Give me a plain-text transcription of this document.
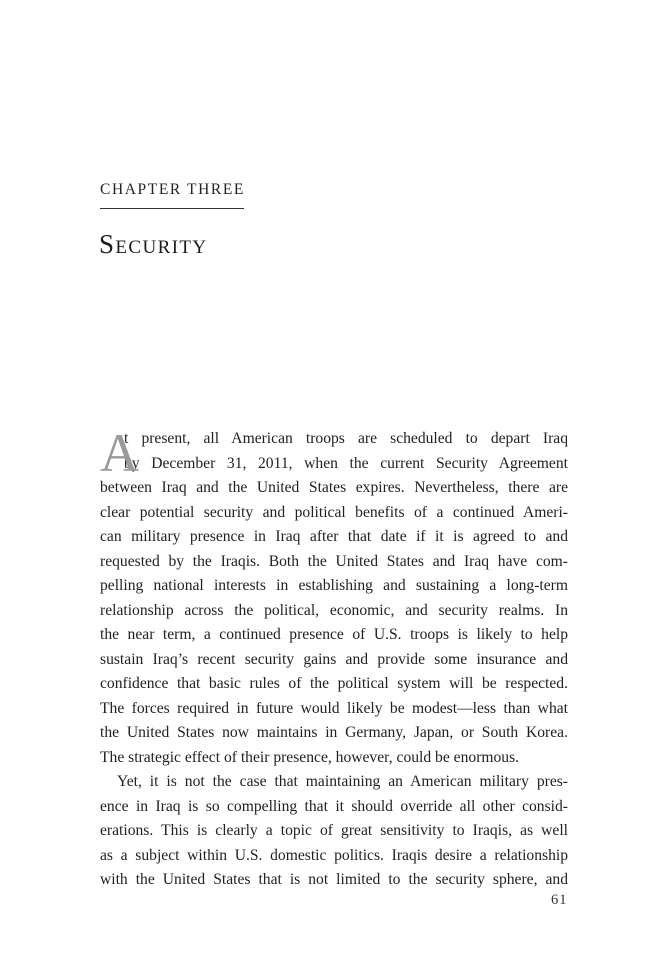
CHAPTER THREE
Security
A
t present, all American troops are scheduled to depart Iraq
by December 31, 2011, when the current Security Agreement
between Iraq and the United States expires. Nevertheless, there are
clear potential security and political benefits of a continued Ameri-
can military presence in Iraq after that date if it is agreed to and
requested by the Iraqis. Both the United States and Iraq have com-
pelling national interests in establishing and sustaining a long-term
relationship across the political, economic, and security realms. In
the near term, a continued presence of U.S. troops is likely to help
sustain Iraq’s recent security gains and provide some insurance and
confidence that basic rules of the political system will be respected.
The forces required in future would likely be modest—less than what
the United States now maintains in Germany, Japan, or South Korea.
The strategic effect of their presence, however, could be enormous.
Yet, it is not the case that maintaining an American military pres-
ence in Iraq is so compelling that it should override all other consid-
erations. This is clearly a topic of great sensitivity to Iraqis, as well
as a subject within U.S. domestic politics. Iraqis desire a relationship
with the United States that is not limited to the security sphere, and
61
